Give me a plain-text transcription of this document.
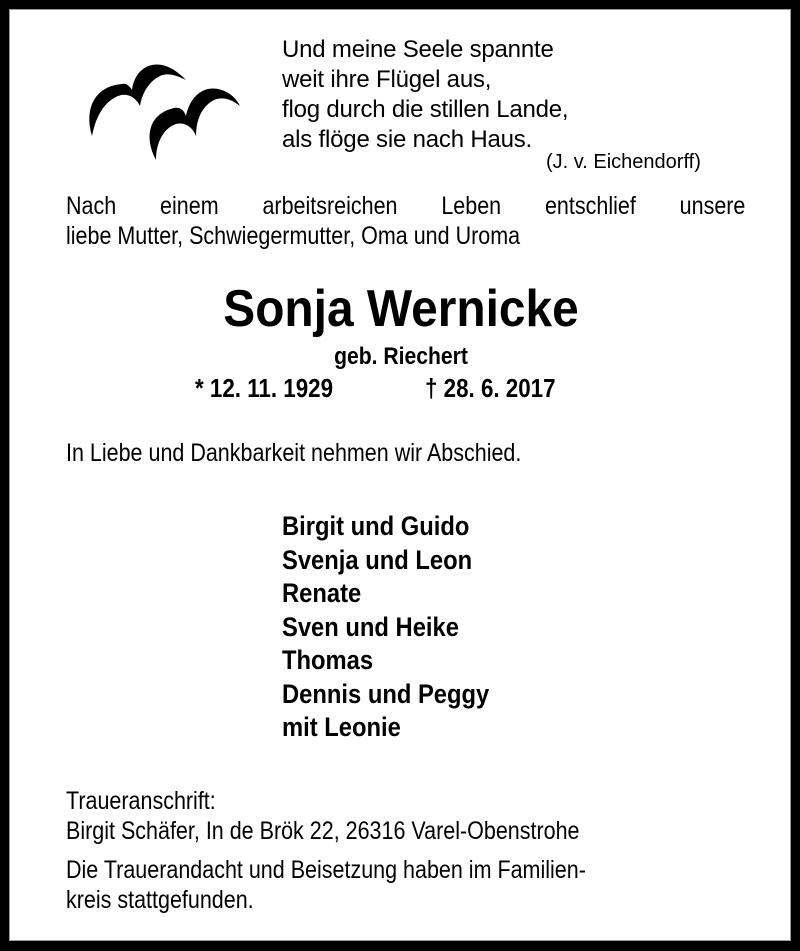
Und meine Seele spannte
weit ihre Flügel aus,
flog durch die stillen Lande,
als flöge sie nach Haus.
(J. v. Eichendorff)
Nach einem arbeitsreichen Leben entschlief unsere
liebe Mutter, Schwiegermutter, Oma und Uroma
Sonja Wernicke
geb. Riechert
* 12. 11. 1929	† 28. 6. 2017
In Liebe und Dankbarkeit nehmen wir Abschied.
Birgit und Guido
Svenja und Leon
Renate
Sven und Heike
Thomas
Dennis und Peggy
mit Leonie
Traueranschrift:
Birgit Schäfer, In de Brök 22, 26316 Varel-Obenstrohe
Die Trauerandacht und Beisetzung haben im Familien-
kreis stattgefunden.
